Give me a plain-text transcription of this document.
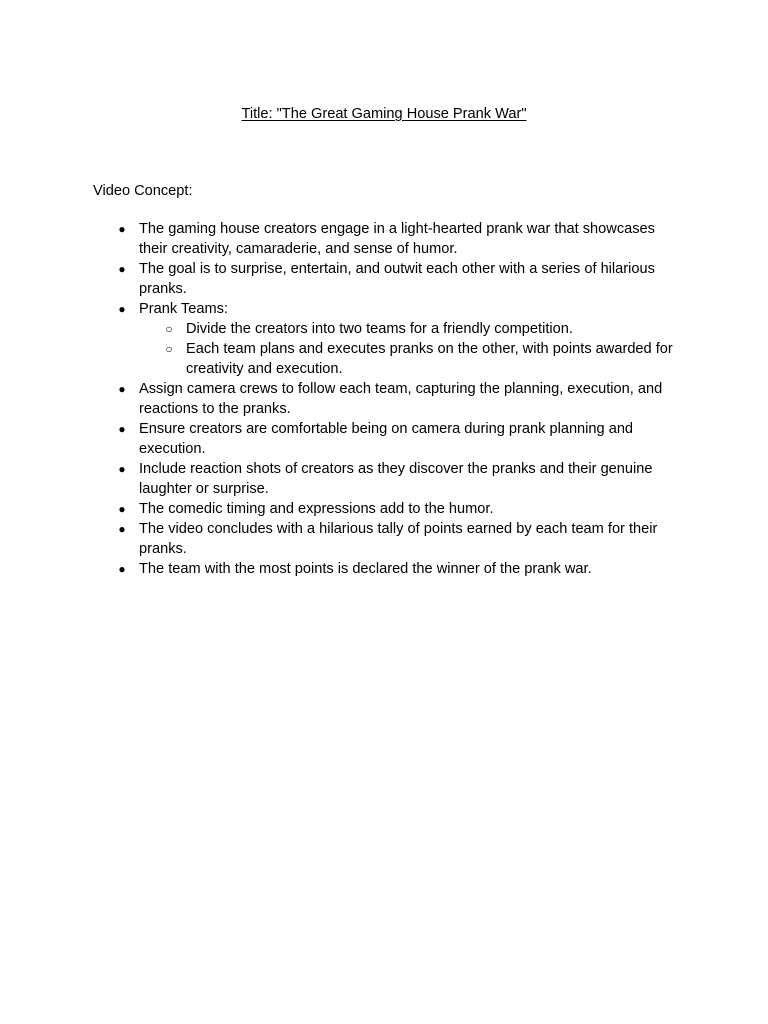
Title: "The Great Gaming House Prank War"

Video Concept:

● The gaming house creators engage in a light-hearted prank war that showcases their creativity, camaraderie, and sense of humor.
● The goal is to surprise, entertain, and outwit each other with a series of hilarious pranks.
● Prank Teams:
○ Divide the creators into two teams for a friendly competition.
○ Each team plans and executes pranks on the other, with points awarded for creativity and execution.
● Assign camera crews to follow each team, capturing the planning, execution, and reactions to the pranks.
● Ensure creators are comfortable being on camera during prank planning and execution.
● Include reaction shots of creators as they discover the pranks and their genuine laughter or surprise.
● The comedic timing and expressions add to the humor.
● The video concludes with a hilarious tally of points earned by each team for their pranks.
● The team with the most points is declared the winner of the prank war.
